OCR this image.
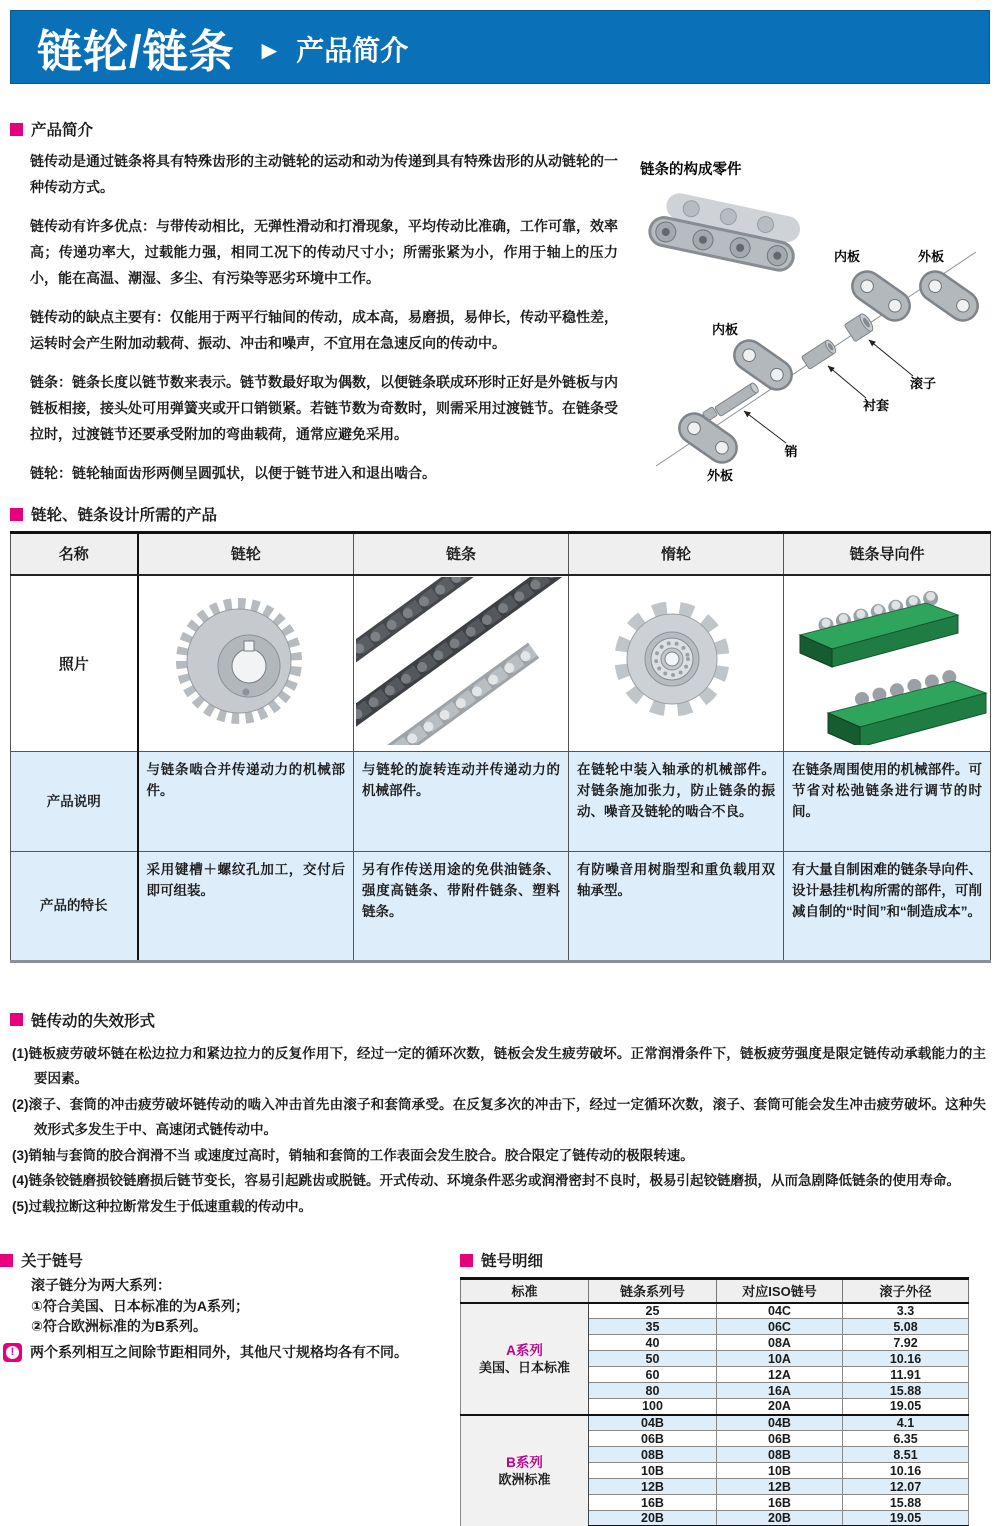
链轮/链条 ► 产品简介
产品简介

链传动是通过链条将具有特殊齿形的主动链轮的运动和动为传递到具有特殊齿形的从动链轮的一种传动方式。

链传动有许多优点：与带传动相比，无弹性滑动和打滑现象，平均传动比准确，工作可靠，效率高；传递功率大，过载能力强，相同工况下的传动尺寸小；所需张紧为小，作用于轴上的压力小，能在高温、潮湿、多尘、有污染等恶劣环境中工作。

链传动的缺点主要有：仅能用于两平行轴间的传动，成本高，易磨损，易伸长，传动平稳性差，运转时会产生附加动载荷、振动、冲击和噪声，不宜用在急速反向的传动中。

链条：链条长度以链节数来表示。链节数最好取为偶数，以便链条联成环形时正好是外链板与内链板相接，接头处可用弹簧夹或开口销锁紧。若链节数为奇数时，则需采用过渡链节。在链条受拉时，过渡链节还要承受附加的弯曲载荷，通常应避免采用。

链轮：链轮轴面齿形两侧呈圆弧状，以便于链节进入和退出啮合。

链条的构成零件
内板
内板	外板
外板
销
衬套
滚子
链轮、链条设计所需的产品
名称	链轮	链条	惰轮	链条导向件
照片				
产品说明	与链条啮合并传递动力的机械部件。	与链轮的旋转连动并传递动力的机械部件。	在链轮中装入轴承的机械部件。对链条施加张力，防止链条的振动、噪音及链轮的啮合不良。	在链条周围使用的机械部件。可节省对松弛链条进行调节的时间。
产品的特长	采用键槽＋螺纹孔加工，交付后即可组装。	另有作传送用途的免供油链条、强度高链条、带附件链条、塑料链条。	有防噪音用树脂型和重负载用双轴承型。	有大量自制困难的链条导向件、设计悬挂机构所需的部件，可削减自制的“时间”和“制造成本”。
链传动的失效形式
(1)链板疲劳破坏链在松边拉力和紧边拉力的反复作用下，经过一定的循环次数，链板会发生疲劳破坏。正常润滑条件下，链板疲劳强度是限定链传动承载能力的主要因素。
(2)滚子、套筒的冲击疲劳破坏链传动的啮入冲击首先由滚子和套筒承受。在反复多次的冲击下，经过一定循环次数，滚子、套筒可能会发生冲击疲劳破坏。这种失效形式多发生于中、高速闭式链传动中。
(3)销轴与套筒的胶合润滑不当 或速度过高时，销轴和套筒的工作表面会发生胶合。胶合限定了链传动的极限转速。
(4)链条铰链磨损铰链磨损后链节变长，容易引起跳齿或脱链。开式传动、环境条件恶劣或润滑密封不良时，极易引起铰链磨损，从而急剧降低链条的使用寿命。
(5)过载拉断这种拉断常发生于低速重载的传动中。
关于链号
滚子链分为两大系列：
①符合美国、日本标准的为A系列；
②符合欧洲标准的为B系列。
!	两个系列相互之间除节距相同外，其他尺寸规格均各有不同。
链号明细
标准	链条系列号	对应ISO链号	滚子外径

A系列
美国、日本标准	25	04C	3.3
	35	06C	5.08
	40	08A	7.92
	50	10A	10.16
	60	12A	11.91
	80	16A	15.88
	100	20A	19.05

B系列
欧洲标准	04B	04B	4.1
	06B	06B	6.35
	08B	08B	8.51
	10B	10B	10.16
	12B	12B	12.07
	16B	16B	15.88
	20B	20B	19.05
